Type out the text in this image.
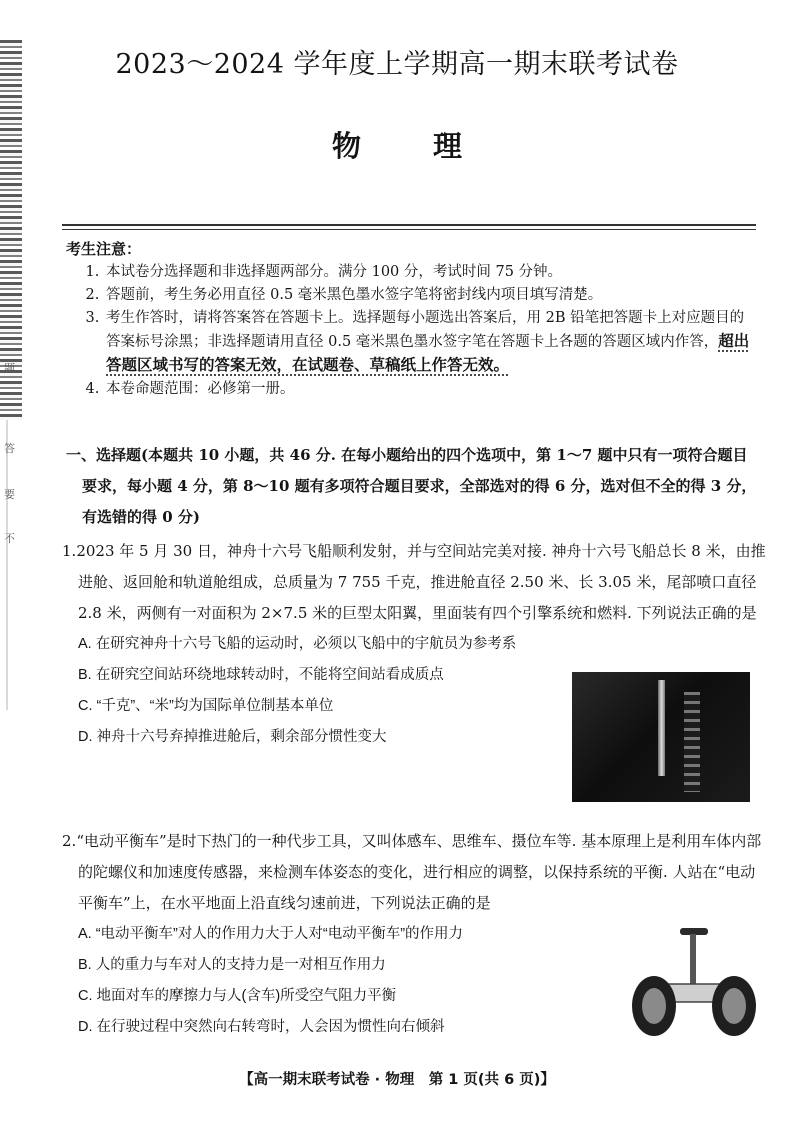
题
答
要
不
2023～2024 学年度上学期高一期末联考试卷
物 理
考生注意：
1. 本试卷分选择题和非选择题两部分。满分 100 分，考试时间 75 分钟。
2. 答题前，考生务必用直径 0.5 毫米黑色墨水签字笔将密封线内项目填写清楚。
3. 考生作答时，请将答案答在答题卡上。选择题每小题选出答案后，用 2B 铅笔把答题卡上对应题目的答案标号涂黑；非选择题请用直径 0.5 毫米黑色墨水签字笔在答题卡上各题的答题区域内作答，超出答题区域书写的答案无效，在试题卷、草稿纸上作答无效。
4. 本卷命题范围：必修第一册。
一、选择题(本题共 10 小题，共 46 分. 在每小题给出的四个选项中，第 1～7 题中只有一项符合题目要求，每小题 4 分，第 8～10 题有多项符合题目要求，全部选对的得 6 分，选对但不全的得 3 分，有选错的得 0 分)
1.2023 年 5 月 30 日，神舟十六号飞船顺利发射，并与空间站完美对接. 神舟十六号飞船总长 8 米，由推进舱、返回舱和轨道舱组成，总质量为 7 755 千克，推进舱直径 2.50 米、长 3.05 米，尾部喷口直径2.8 米，两侧有一对面积为 2×7.5 米的巨型太阳翼，里面装有四个引擎系统和燃料. 下列说法正确的是
A. 在研究神舟十六号飞船的运动时，必须以飞船中的宇航员为参考系
B. 在研究空间站环绕地球转动时，不能将空间站看成质点
C. “千克”、“米”均为国际单位制基本单位
D. 神舟十六号弃掉推进舱后，剩余部分惯性变大
2.“电动平衡车”是时下热门的一种代步工具，又叫体感车、思维车、摄位车等. 基本原理上是利用车体内部的陀螺仪和加速度传感器，来检测车体姿态的变化，进行相应的调整，以保持系统的平衡. 人站在“电动平衡车”上，在水平地面上沿直线匀速前进，下列说法正确的是
A. “电动平衡车”对人的作用力大于人对“电动平衡车”的作用力
B. 人的重力与车对人的支持力是一对相互作用力
C. 地面对车的摩擦力与人(含车)所受空气阻力平衡
D. 在行驶过程中突然向右转弯时，人会因为惯性向右倾斜
【高一期末联考试卷 · 物理　第 1 页(共 6 页)】
